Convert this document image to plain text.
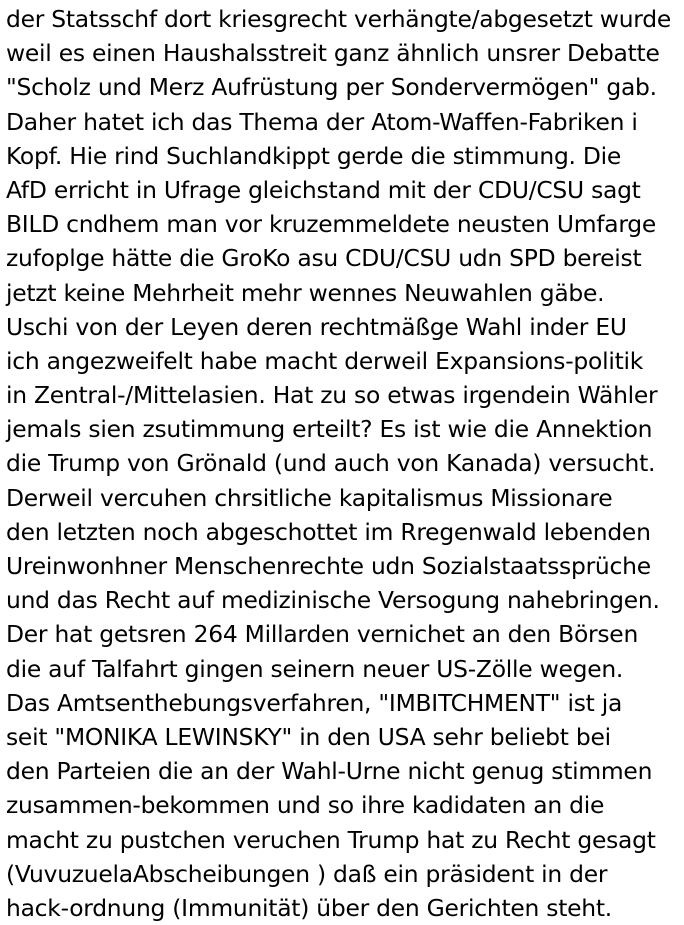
der Statsschf dort kriesgrecht verhängte/abgesetzt wurde
weil es einen Haushalsstreit ganz ähnlich unsrer Debatte
"Scholz und Merz Aufrüstung per Sondervermögen" gab.
Daher hatet ich das Thema der Atom-Waffen-Fabriken i
Kopf. Hie rind Suchlandkippt gerde die stimmung. Die
AfD erricht in Ufrage gleichstand mit der CDU/CSU sagt
BILD cndhem man vor kruzemmeldete neusten Umfarge
zufoplge hätte die GroKo asu CDU/CSU udn SPD bereist
jetzt keine Mehrheit mehr wennes Neuwahlen gäbe.
Uschi von der Leyen deren rechtmäßge Wahl inder EU
ich angezweifelt habe macht derweil Expansions-politik
in Zentral-/Mittelasien. Hat zu so etwas irgendein Wähler
jemals sien zsutimmung erteilt? Es ist wie die Annektion
die Trump von Grönald (und auch von Kanada) versucht.
Derweil vercuhen chrsitliche kapitalismus Missionare
den letzten noch abgeschottet im Rregenwald lebenden
Ureinwonhner Menschenrechte udn Sozialstaatssprüche
und das Recht auf medizinische Versogung nahebringen.
Der hat getsren 264 Millarden vernichet an den Börsen
die auf Talfahrt gingen seinern neuer US-Zölle wegen.
Das Amtsenthebungsverfahren, "IMBITCHMENT" ist ja
seit "MONIKA LEWINSKY" in den USA sehr beliebt bei
den Parteien die an der Wahl-Urne nicht genug stimmen
zusammen-bekommen und so ihre kadidaten an die
macht zu pustchen veruchen Trump hat zu Recht gesagt
(VuvuzuelaAbscheibungen ) daß ein präsident in der
hack-ordnung (Immunität) über den Gerichten steht.
